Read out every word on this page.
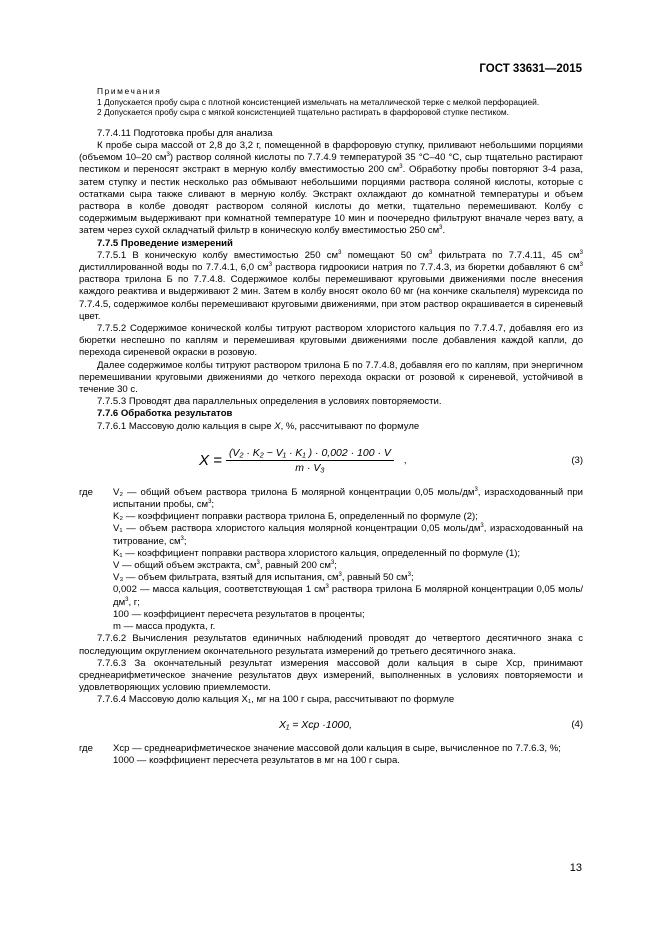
ГОСТ 33631—2015

Примечания

1 Допускается пробу сыра с плотной консистенцией измельчать на металлической терке с мелкой перфорацией.

2 Допускается пробу сыра с мягкой консистенцией тщательно растирать в фарфоровой ступке пестиком.

7.7.4.11 Подготовка пробы для анализа

К пробе сыра массой от 2,8 до 3,2 г, помещенной в фарфоровую ступку, приливают небольшими порциями (объемом 10–20 $см^3$) раствор соляной кислоты по 7.7.4.9 температурой 35 °С–40 °С, сыр тщательно растирают пестиком и переносят экстракт в мерную колбу вместимостью 200 $см^3$. Обработку пробы повторяют 3-4 раза, затем ступку и пестик несколько раз обмывают небольшими порциями раствора соляной кислоты, которые с остатками сыра также сливают в мерную колбу. Экстракт охлаждают до комнатной температуры и объем раствора в колбе доводят раствором соляной кислоты до метки, тщательно перемешивают. Колбу с содержимым выдерживают при комнатной температуре 10 мин и поочередно фильтруют вначале через вату, а затем через сухой складчатый фильтр в коническую колбу вместимостью 250 $см^3$.

7.7.5 Проведение измерений

7.7.5.1 В коническую колбу вместимостью 250 $см^3$ помещают 50 $см^3$ фильтрата по 7.7.4.11, 45 $см^3$ дистиллированной воды по 7.7.4.1, 6,0 $см^3$ раствора гидроокиси натрия по 7.7.4.3, из бюретки добавляют 6 $см^3$ раствора трилона Б по 7.7.4.8. Содержимое колбы перемешивают круговыми движениями после внесения каждого реактива и выдерживают 2 мин. Затем в колбу вносят около 60 мг (на кончике скальпеля) мурексида по 7.7.4.5, содержимое колбы перемешивают круговыми движениями, при этом раствор окрашивается в сиреневый цвет.

7.7.5.2 Содержимое конической колбы титруют раствором хлористого кальция по 7.7.4.7, добавляя его из бюретки неспешно по каплям и перемешивая круговыми движениями после добавления каждой капли, до перехода сиреневой окраски в розовую.

Далее содержимое колбы титруют раствором трилона Б по 7.7.4.8, добавляя его по каплям, при энергичном перемешивании круговыми движениями до четкого перехода окраски от розовой к сиреневой, устойчивой в течение 30 с.

7.7.5.3 Проводят два параллельных определения в условиях повторяемости.

7.7.6 Обработка результатов

7.7.6.1 Массовую долю кальция в сыре X, %, рассчитывают по формуле

$X = \frac{\text{(V₂ · K₂ − V₁ · K₁ ) · 0,002 · 100 · V}}{\text{m · V₃}}$ ,	(3)
где	V₂ — общий объем раствора трилона Б молярной концентрации 0,05 моль/$дм^3$, израсходованный при испытании пробы, $см^3$;

K₂ — коэффициент поправки раствора трилона Б, определенный по формуле (2);

V₁ — объем раствора хлористого кальция молярной концентрации 0,05 моль/$дм^3$, израсходованный на титрование, $см^3$;

K₁ — коэффициент поправки раствора хлористого кальция, определенный по формуле (1);

V — общий объем экстракта, $см^3$, равный 200 $см^3$;

V₃ — объем фильтрата, взятый для испытания, $см^3$, равный 50 $см^3$;

0,002 — масса кальция, соответствующая 1 $см^3$ раствора трилона Б молярной концентрации 0,05 моль/$дм^3$, г;

100 — коэффициент пересчета результатов в проценты;

m — масса продукта, г.

7.7.6.2 Вычисления результатов единичных наблюдений проводят до четвертого десятичного знака с последующим округлением окончательного результата измерений до третьего десятичного знака.

7.7.6.3 За окончательный результат измерения массовой доли кальция в сыре Xср, принимают среднеарифметическое значение результатов двух измерений, выполненных в условиях повторяемости и удовлетворяющих условию приемлемости.

7.7.6.4 Массовую долю кальция X₁, мг на 100 г сыра, рассчитывают по формуле

X₁ = Xср ·1000,	(4)
где	Xср — среднеарифметическое значение массовой доли кальция в сыре, вычисленное по 7.7.6.3, %;

1000 — коэффициент пересчета результатов в мг на 100 г сыра.

13
